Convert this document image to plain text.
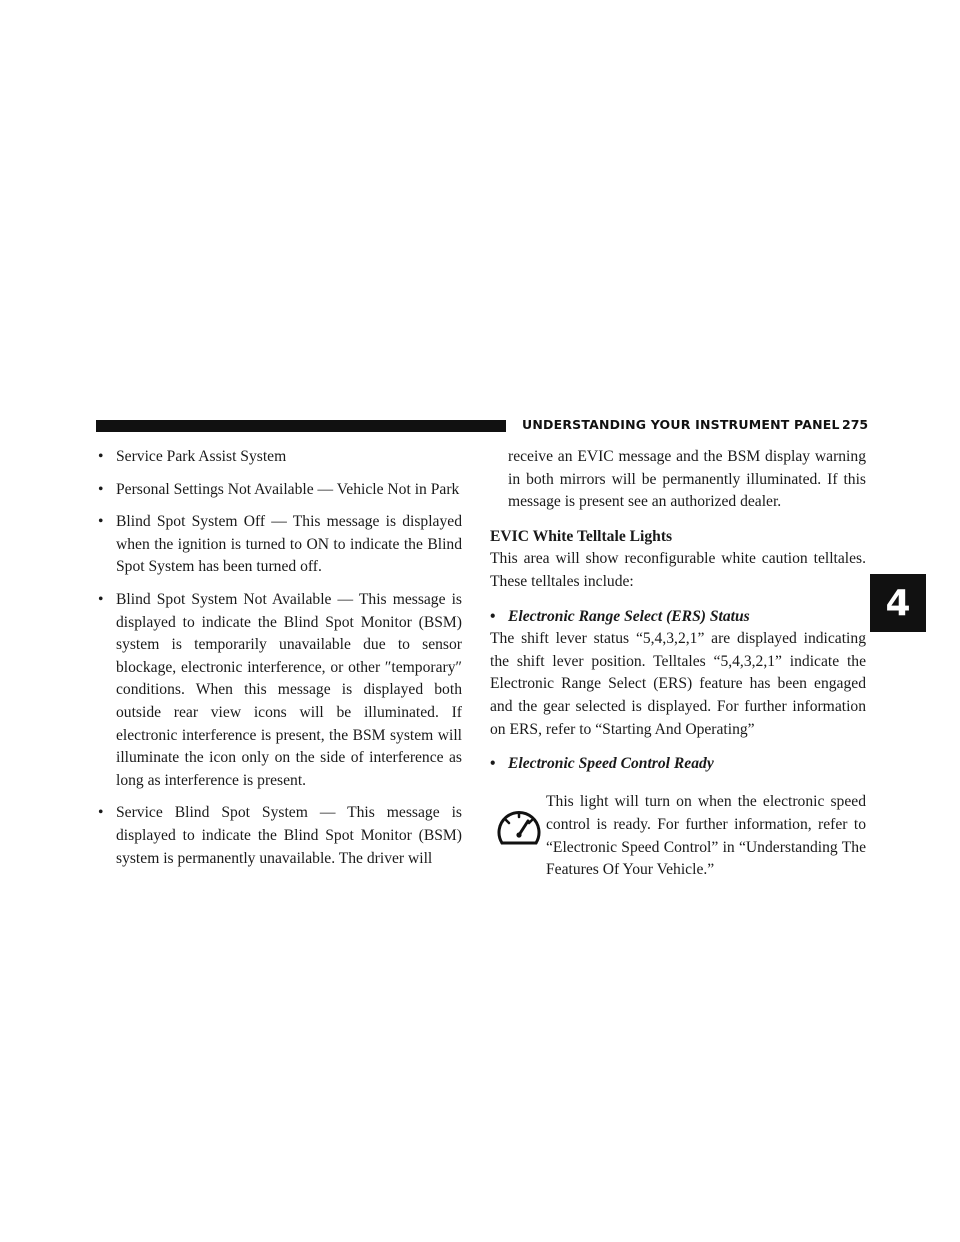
UNDERSTANDING YOUR INSTRUMENT PANEL 275
4

• Service Park Assist System

• Personal Settings Not Available — Vehicle Not in Park

• Blind Spot System Off — This message is displayed when the ignition is turned to ON to indicate the Blind Spot System has been turned off.

• Blind Spot System Not Available — This message is displayed to indicate the Blind Spot Monitor (BSM) system is temporarily unavailable due to sensor blockage, electronic interference, or other ″temporary″ conditions. When this message is displayed both outside rear view icons will be illuminated. If electronic interference is present, the BSM system will illuminate the icon only on the side of interference as long as interference is present.

• Service Blind Spot System — This message is displayed to indicate the Blind Spot Monitor (BSM) system is permanently unavailable. The driver will

receive an EVIC message and the BSM display warning in both mirrors will be permanently illuminated. If this message is present see an authorized dealer.

EVIC White Telltale Lights

This area will show reconfigurable white caution telltales. These telltales include:

• Electronic Range Select (ERS) Status

The shift lever status “5,4,3,2,1” are displayed indicating the shift lever position. Telltales “5,4,3,2,1” indicate the Electronic Range Select (ERS) feature has been engaged and the gear selected is displayed. For further information on ERS, refer to “Starting And Operating”

• Electronic Speed Control Ready

This light will turn on when the electronic speed control is ready. For further information, refer to “Electronic Speed Control” in “Understanding The Features Of Your Vehicle.”
